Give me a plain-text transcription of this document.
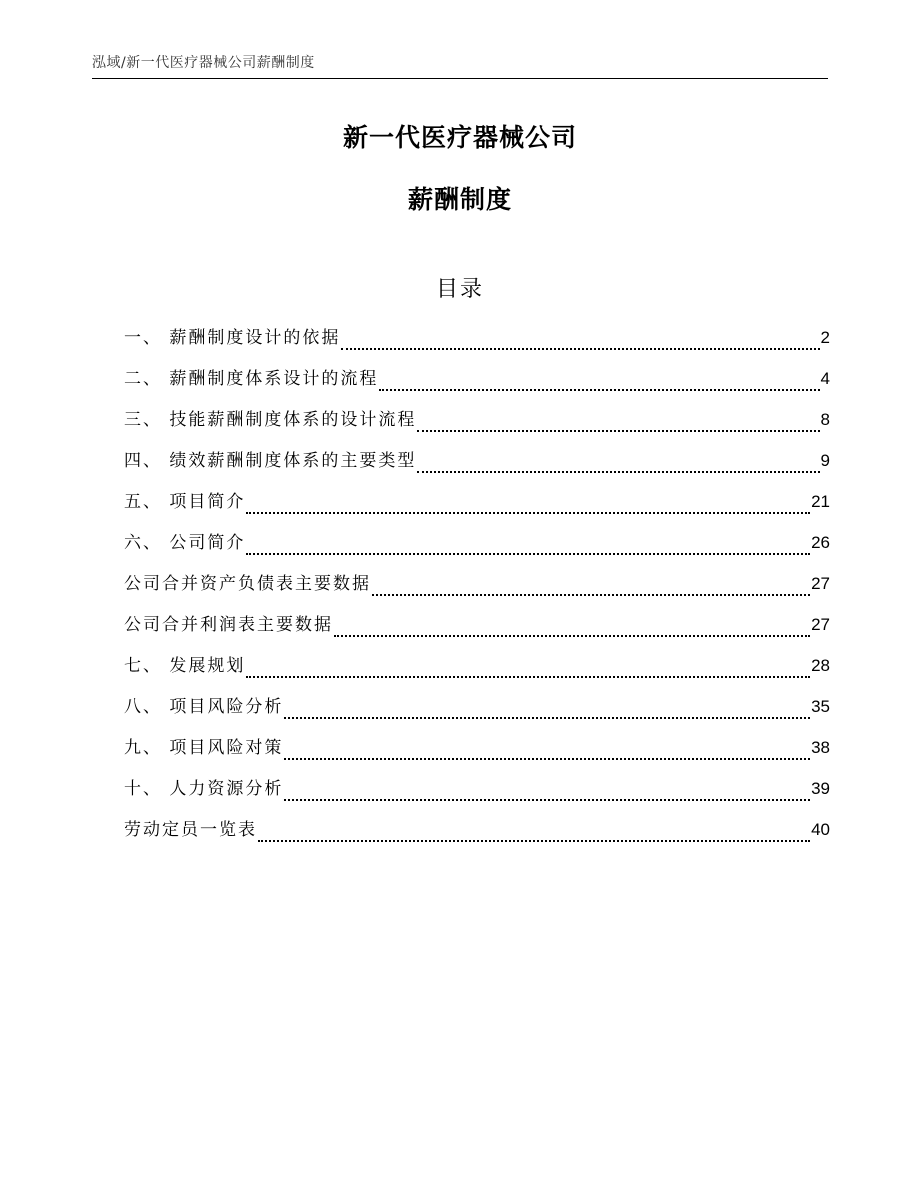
泓域/新一代医疗器械公司薪酬制度
新一代医疗器械公司
薪酬制度
目录
一、 薪酬制度设计的依据	2
二、 薪酬制度体系设计的流程	4
三、 技能薪酬制度体系的设计流程	8
四、 绩效薪酬制度体系的主要类型	9
五、 项目简介	21
六、 公司简介	26
公司合并资产负债表主要数据	27
公司合并利润表主要数据	27
七、 发展规划	28
八、 项目风险分析	35
九、 项目风险对策	38
十、 人力资源分析	39
劳动定员一览表	40
